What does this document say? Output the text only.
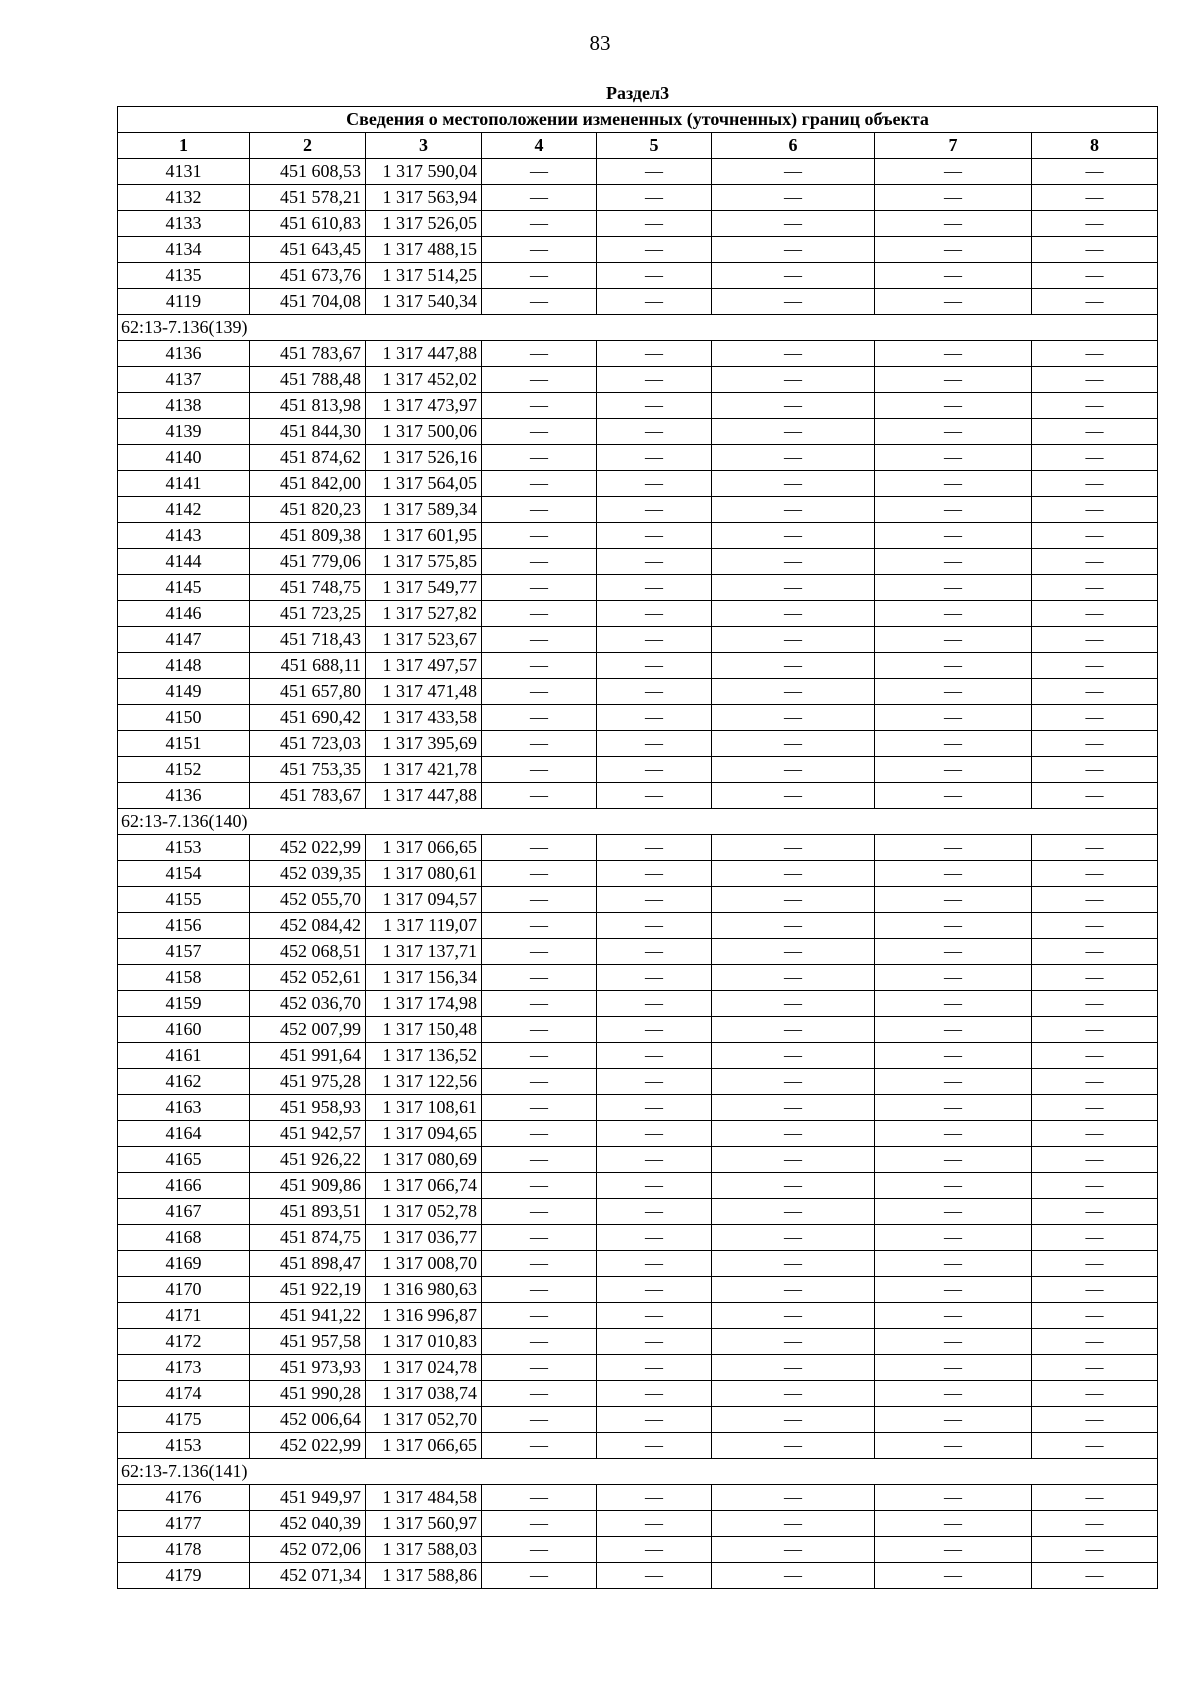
83
Раздел3							
Сведения о местоположении измененных (уточненных) границ объекта							
1	2	3	4	5	6	7	8
4131	451 608,53	1 317 590,04	—	—	—	—	—
4132	451 578,21	1 317 563,94	—	—	—	—	—
4133	451 610,83	1 317 526,05	—	—	—	—	—
4134	451 643,45	1 317 488,15	—	—	—	—	—
4135	451 673,76	1 317 514,25	—	—	—	—	—
4119	451 704,08	1 317 540,34	—	—	—	—	—
62:13-7.136(139)							
4136	451 783,67	1 317 447,88	—	—	—	—	—
4137	451 788,48	1 317 452,02	—	—	—	—	—
4138	451 813,98	1 317 473,97	—	—	—	—	—
4139	451 844,30	1 317 500,06	—	—	—	—	—
4140	451 874,62	1 317 526,16	—	—	—	—	—
4141	451 842,00	1 317 564,05	—	—	—	—	—
4142	451 820,23	1 317 589,34	—	—	—	—	—
4143	451 809,38	1 317 601,95	—	—	—	—	—
4144	451 779,06	1 317 575,85	—	—	—	—	—
4145	451 748,75	1 317 549,77	—	—	—	—	—
4146	451 723,25	1 317 527,82	—	—	—	—	—
4147	451 718,43	1 317 523,67	—	—	—	—	—
4148	451 688,11	1 317 497,57	—	—	—	—	—
4149	451 657,80	1 317 471,48	—	—	—	—	—
4150	451 690,42	1 317 433,58	—	—	—	—	—
4151	451 723,03	1 317 395,69	—	—	—	—	—
4152	451 753,35	1 317 421,78	—	—	—	—	—
4136	451 783,67	1 317 447,88	—	—	—	—	—
62:13-7.136(140)							
4153	452 022,99	1 317 066,65	—	—	—	—	—
4154	452 039,35	1 317 080,61	—	—	—	—	—
4155	452 055,70	1 317 094,57	—	—	—	—	—
4156	452 084,42	1 317 119,07	—	—	—	—	—
4157	452 068,51	1 317 137,71	—	—	—	—	—
4158	452 052,61	1 317 156,34	—	—	—	—	—
4159	452 036,70	1 317 174,98	—	—	—	—	—
4160	452 007,99	1 317 150,48	—	—	—	—	—
4161	451 991,64	1 317 136,52	—	—	—	—	—
4162	451 975,28	1 317 122,56	—	—	—	—	—
4163	451 958,93	1 317 108,61	—	—	—	—	—
4164	451 942,57	1 317 094,65	—	—	—	—	—
4165	451 926,22	1 317 080,69	—	—	—	—	—
4166	451 909,86	1 317 066,74	—	—	—	—	—
4167	451 893,51	1 317 052,78	—	—	—	—	—
4168	451 874,75	1 317 036,77	—	—	—	—	—
4169	451 898,47	1 317 008,70	—	—	—	—	—
4170	451 922,19	1 316 980,63	—	—	—	—	—
4171	451 941,22	1 316 996,87	—	—	—	—	—
4172	451 957,58	1 317 010,83	—	—	—	—	—
4173	451 973,93	1 317 024,78	—	—	—	—	—
4174	451 990,28	1 317 038,74	—	—	—	—	—
4175	452 006,64	1 317 052,70	—	—	—	—	—
4153	452 022,99	1 317 066,65	—	—	—	—	—
62:13-7.136(141)							
4176	451 949,97	1 317 484,58	—	—	—	—	—
4177	452 040,39	1 317 560,97	—	—	—	—	—
4178	452 072,06	1 317 588,03	—	—	—	—	—
4179	452 071,34	1 317 588,86	—	—	—	—	—
